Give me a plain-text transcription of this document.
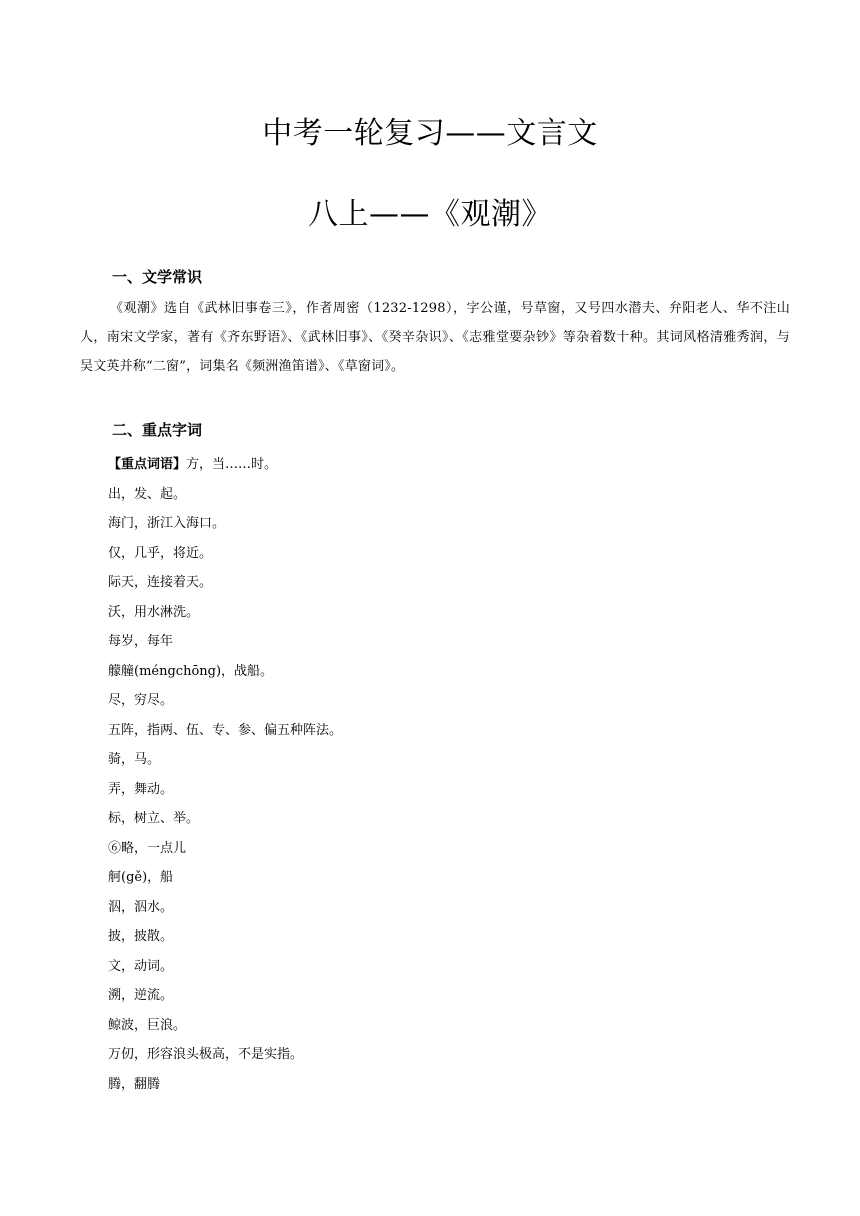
中考一轮复习——文言文
八上——《观潮》
一、文学常识
《观潮》选自《武林旧事卷三》，作者周密（1232-1298），字公谨，号草窗，又号四水潜夫、弁阳老人、华不注山人，南宋文学家，著有《齐东野语》、《武林旧事》、《癸辛杂识》、《志雅堂要杂钞》等杂着数十种。其词风格清雅秀润，与吴文英并称“二窗”，词集名《频洲渔笛谱》、《草窗词》。
二、重点字词
【重点词语】方，当……时。
出，发、起。
海门，浙江入海口。
仅，几乎，将近。
际天，连接着天。
沃，用水淋洗。
每岁，每年
艨艟(méngchōng)，战船。
尽，穷尽。
五阵，指两、伍、专、参、偏五种阵法。
骑，马。
弄，舞动。
标，树立、举。
⑥略，一点儿
舸(gě)，船
泅，泅水。
披，披散。
文，动词。
溯，逆流。
鲸波，巨浪。
万仞，形容浪头极高，不是实指。
腾，翻腾
